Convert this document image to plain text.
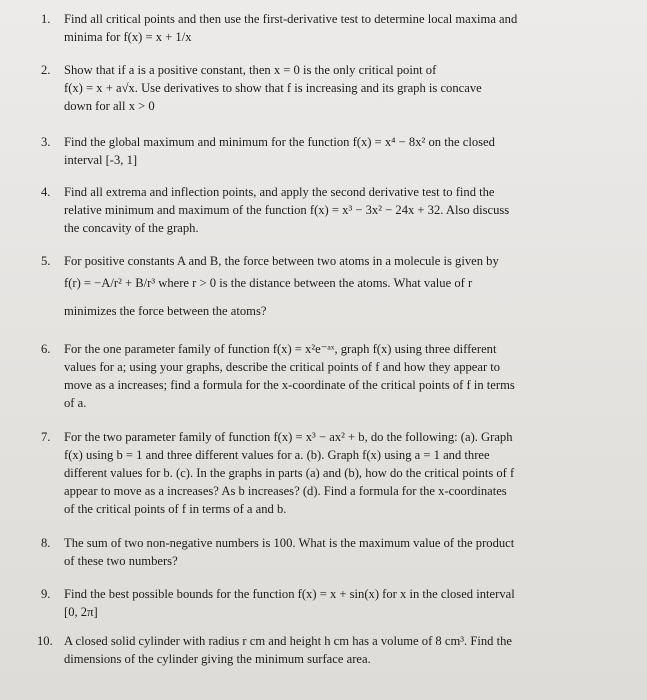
1. Find all critical points and then use the first-derivative test to determine local maxima and

minima for f(x) = x + 1/x

2. Show that if a is a positive constant, then x = 0 is the only critical point of

f(x) = x + a√x. Use derivatives to show that f is increasing and its graph is concave

down for all x > 0

3. Find the global maximum and minimum for the function f(x) = x⁴ − 8x² on the closed

interval [-3, 1]

4. Find all extrema and inflection points, and apply the second derivative test to find the

relative minimum and maximum of the function f(x) = x³ − 3x² − 24x + 32. Also discuss

the concavity of the graph.

5. For positive constants A and B, the force between two atoms in a molecule is given by

f(r) = −A/r² + B/r³ where r > 0 is the distance between the atoms. What value of r

minimizes the force between the atoms?

6. For the one parameter family of function f(x) = x²e⁻ᵃˣ, graph f(x) using three different

values for a; using your graphs, describe the critical points of f and how they appear to

move as a increases; find a formula for the x-coordinate of the critical points of f in terms

of a.

7. For the two parameter family of function f(x) = x³ − ax² + b, do the following: (a). Graph

f(x) using b = 1 and three different values for a. (b). Graph f(x) using a = 1 and three

different values for b. (c). In the graphs in parts (a) and (b), how do the critical points of f

appear to move as a increases? As b increases? (d). Find a formula for the x-coordinates

of the critical points of f in terms of a and b.

8. The sum of two non-negative numbers is 100. What is the maximum value of the product

of these two numbers?

9. Find the best possible bounds for the function f(x) = x + sin(x) for x in the closed interval

[0, 2π]

10. A closed solid cylinder with radius r cm and height h cm has a volume of 8 cm³. Find the

dimensions of the cylinder giving the minimum surface area.
